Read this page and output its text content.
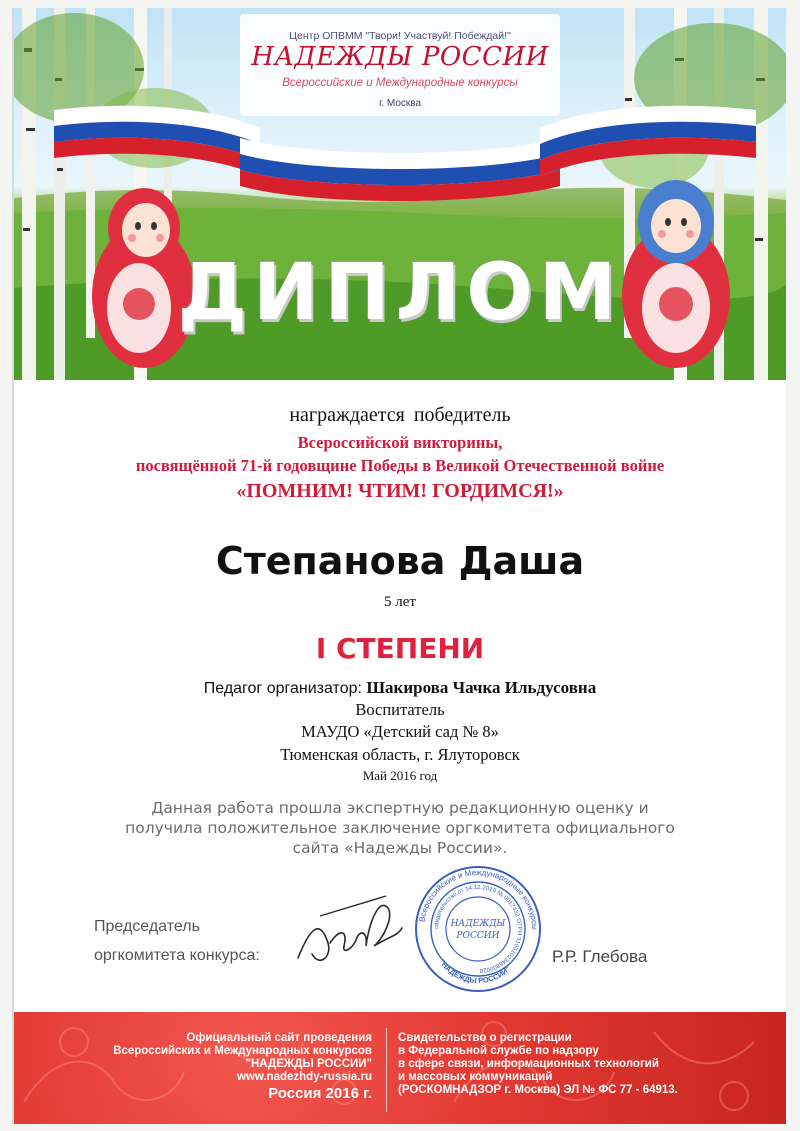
Центр ОПВММ "Твори! Участвуй! Побеждай!"
НАДЕЖДЫ РОССИИ
Всероссийские и Международные конкурсы
г. Москва
ДИПЛОМ
награждается победитель
Всероссийской викторины,
посвящённой 71-й годовщине Победы в Великой Отечественной войне
«ПОМНИМ! ЧТИМ! ГОРДИМСЯ!»
Степанова Даша
5 лет
I СТЕПЕНИ
Педагог организатор: Шакирова Чачка Ильдусовна
Воспитатель
МАУДО «Детский сад № 8»
Тюменская область, г. Ялуторовск
Май 2016 год
Данная работа прошла экспертную редакционную оценку и
получила положительное заключение оргкомитета официального
сайта «Надежды России».
Председатель
оргкомитета конкурса:
Всероссийские и Международные конкурсы
свидетельство от 14.12.2010 № 0017432 ОГРН 3105102346800028
"НАДЕЖДЫ РОССИИ"
НАДЕЖДЫ
РОССИИ
Р.Р. Глебова
Официальный сайт проведения
Всероссийских и Международных конкурсов
"НАДЕЖДЫ РОССИИ"
www.nadezhdy-russia.ru
Россия 2016 г.
Свидетельство о регистрации
в Федеральной службе по надзору
в сфере связи, информационных технологий
и массовых коммуникаций
(РОСКОМНАДЗОР г. Москва) ЭЛ № ФС 77 - 64913.
